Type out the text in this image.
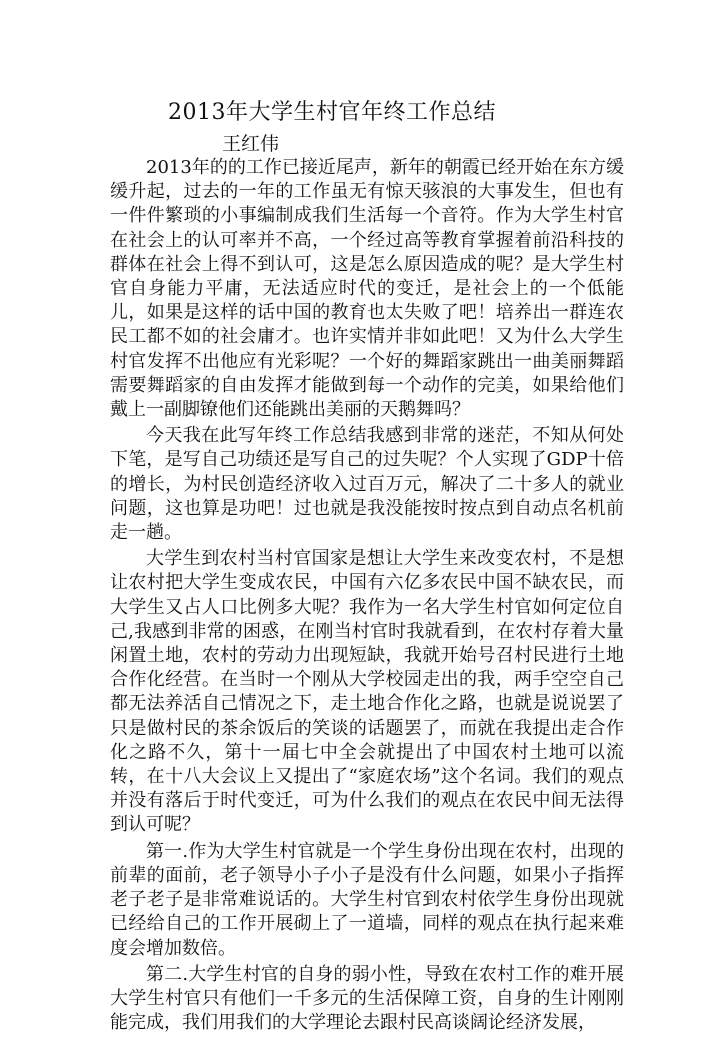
2013年大学生村官年终工作总结
王红伟

2013年的的工作已接近尾声，新年的朝霞已经开始在东方缓缓升起，过去的一年的工作虽无有惊天骇浪的大事发生，但也有一件件繁琐的小事编制成我们生活每一个音符。作为大学生村官在社会上的认可率并不高，一个经过高等教育掌握着前沿科技的群体在社会上得不到认可，这是怎么原因造成的呢？是大学生村官自身能力平庸，无法适应时代的变迁，是社会上的一个低能儿，如果是这样的话中国的教育也太失败了吧！培养出一群连农民工都不如的社会庸才。也许实情并非如此吧！又为什么大学生村官发挥不出他应有光彩呢？一个好的舞蹈家跳出一曲美丽舞蹈需要舞蹈家的自由发挥才能做到每一个动作的完美，如果给他们戴上一副脚镣他们还能跳出美丽的天鹅舞吗？

今天我在此写年终工作总结我感到非常的迷茫，不知从何处下笔，是写自己功绩还是写自己的过失呢？个人实现了GDP十倍的增长，为村民创造经济收入过百万元，解决了二十多人的就业问题，这也算是功吧！过也就是我没能按时按点到自动点名机前走一趟。

大学生到农村当村官国家是想让大学生来改变农村，不是想让农村把大学生变成农民，中国有六亿多农民中国不缺农民，而大学生又占人口比例多大呢？我作为一名大学生村官如何定位自己,我感到非常的困惑，在刚当村官时我就看到，在农村存着大量闲置土地，农村的劳动力出现短缺，我就开始号召村民进行土地合作化经营。在当时一个刚从大学校园走出的我，两手空空自己都无法养活自己情况之下，走土地合作化之路，也就是说说罢了只是做村民的茶余饭后的笑谈的话题罢了，而就在我提出走合作化之路不久，第十一届七中全会就提出了中国农村土地可以流转，在十八大会议上又提出了“家庭农场”这个名词。我们的观点并没有落后于时代变迁，可为什么我们的观点在农民中间无法得到认可呢？

第一.作为大学生村官就是一个学生身份出现在农村，出现的前辈的面前，老子领导小子小子是没有什么问题，如果小子指挥老子老子是非常难说话的。大学生村官到农村依学生身份出现就已经给自己的工作开展砌上了一道墙，同样的观点在执行起来难度会增加数倍。

第二.大学生村官的自身的弱小性，导致在农村工作的难开展大学生村官只有他们一千多元的生活保障工资，自身的生计刚刚能完成，我们用我们的大学理论去跟村民高谈阔论经济发展，
